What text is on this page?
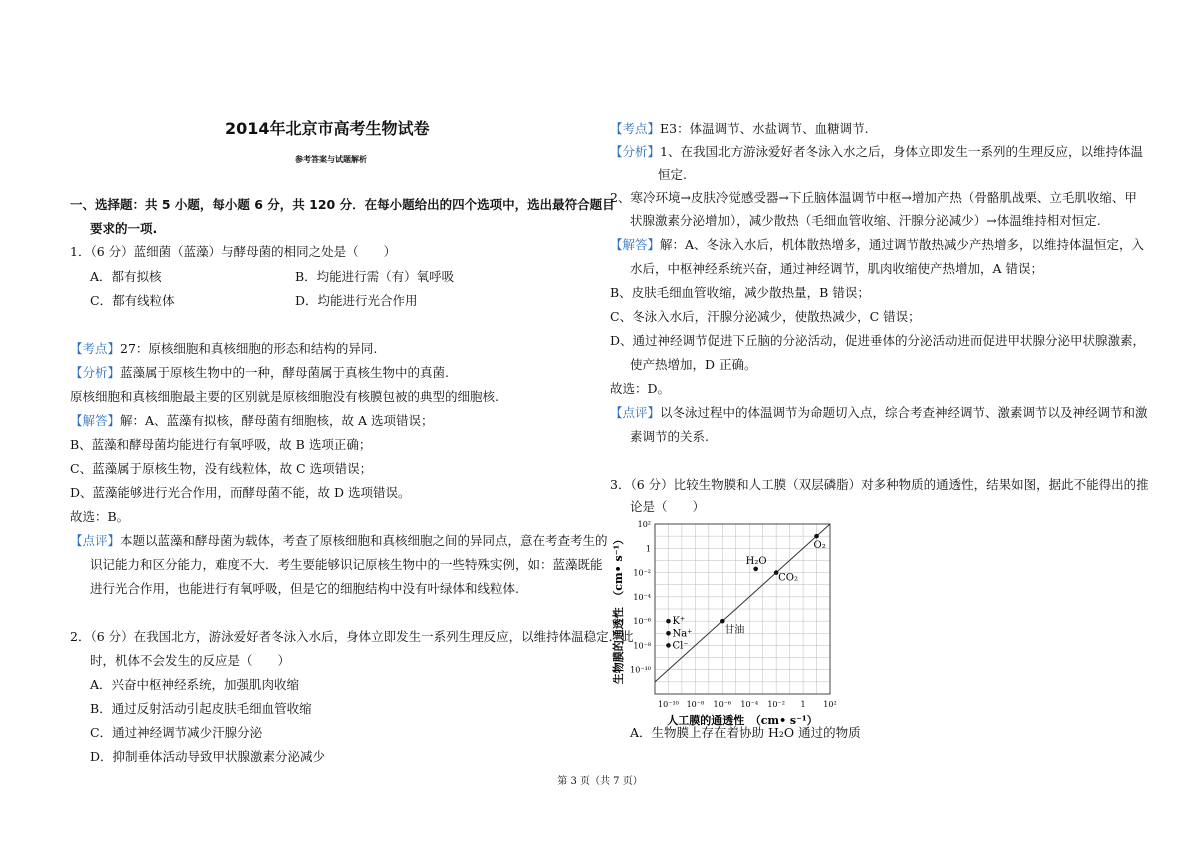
2014年北京市高考生物试卷
参考答案与试题解析
一、选择题：共 5 小题，每小题 6 分，共 120 分．在每小题给出的四个选项中，选出最符合题目
要求的一项.
1．（6 分）蓝细菌（蓝藻）与酵母菌的相同之处是（　　）
A．都有拟核	B．均能进行需（有）氧呼吸
C．都有线粒体	D．均能进行光合作用
【考点】27：原核细胞和真核细胞的形态和结构的异同.
【分析】蓝藻属于原核生物中的一种，酵母菌属于真核生物中的真菌.
原核细胞和真核细胞最主要的区别就是原核细胞没有核膜包被的典型的细胞核.
【解答】解：A、蓝藻有拟核，酵母菌有细胞核，故 A 选项错误；
B、蓝藻和酵母菌均能进行有氧呼吸，故 B 选项正确；
C、蓝藻属于原核生物，没有线粒体，故 C 选项错误；
D、蓝藻能够进行光合作用，而酵母菌不能，故 D 选项错误。
故选：B。
【点评】本题以蓝藻和酵母菌为载体，考查了原核细胞和真核细胞之间的异同点，意在考查考生的
识记能力和区分能力，难度不大．考生要能够识记原核生物中的一些特殊实例，如：蓝藻既能
进行光合作用，也能进行有氧呼吸，但是它的细胞结构中没有叶绿体和线粒体.
2．（6 分）在我国北方，游泳爱好者冬泳入水后，身体立即发生一系列生理反应，以维持体温稳定．此
时，机体不会发生的反应是（　　）
A．兴奋中枢神经系统，加强肌肉收缩
B．通过反射活动引起皮肤毛细血管收缩
C．通过神经调节减少汗腺分泌
D．抑制垂体活动导致甲状腺激素分泌减少
【考点】E3：体温调节、水盐调节、血糖调节.
【分析】1、在我国北方游泳爱好者冬泳入水之后，身体立即发生一系列的生理反应，以维持体温
恒定.
2、寒冷环境→皮肤冷觉感受器→下丘脑体温调节中枢→增加产热（骨骼肌战栗、立毛肌收缩、甲
状腺激素分泌增加），减少散热（毛细血管收缩、汗腺分泌减少）→体温维持相对恒定.
【解答】解：A、冬泳入水后，机体散热增多，通过调节散热减少产热增多，以维持体温恒定，入
水后，中枢神经系统兴奋，通过神经调节，肌肉收缩使产热增加，A 错误；
B、皮肤毛细血管收缩，减少散热量，B 错误；
C、冬泳入水后，汗腺分泌减少，使散热减少，C 错误；
D、通过神经调节促进下丘脑的分泌活动，促进垂体的分泌活动进而促进甲状腺分泌甲状腺激素，
使产热增加，D 正确。
故选：D。
【点评】以冬泳过程中的体温调节为命题切入点，综合考查神经调节、激素调节以及神经调节和激
素调节的关系.
3．（6 分）比较生物膜和人工膜（双层磷脂）对多种物质的通透性，结果如图，据此不能得出的推
论是（　　）
10²
1
10⁻²
10⁻⁴
10⁻⁶
10⁻⁸
10⁻¹⁰
10⁻¹⁰ 10⁻⁸ 10⁻⁶ 10⁻⁴ 10⁻² 1 10²
O₂
H₂O
CO₂
甘油
K⁺
Na⁺
Cl⁻
生物膜的通透性　（cm• s⁻¹）
人工膜的通透性　（cm• s⁻¹）
A．生物膜上存在着协助 H₂O 通过的物质
第 3 页（共 7 页）
